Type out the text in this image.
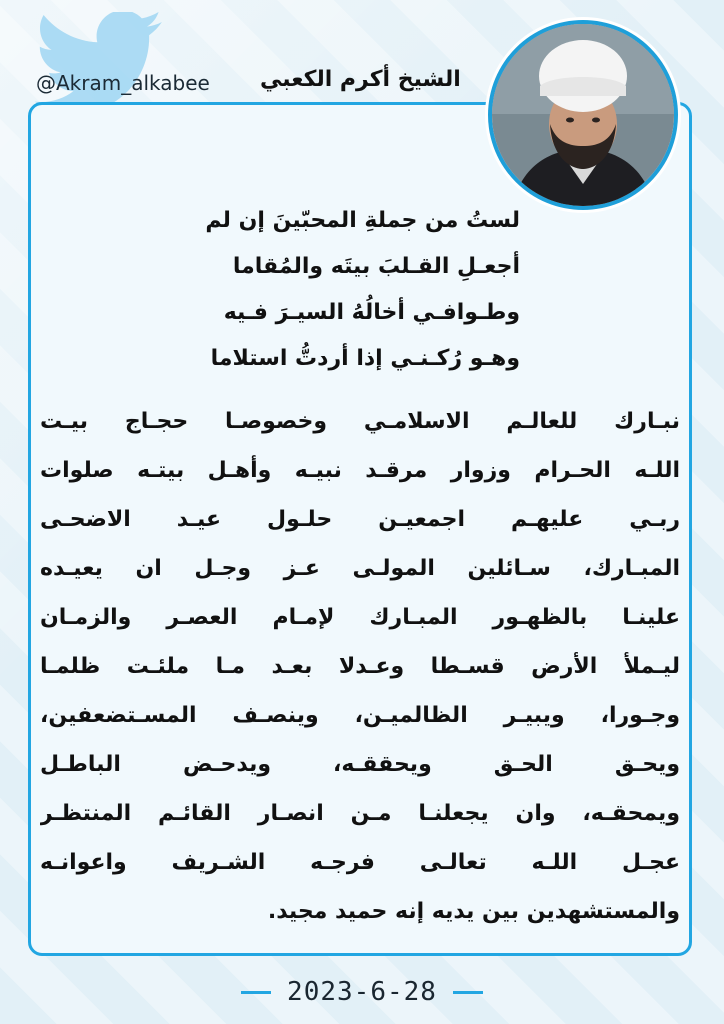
@Akram_alkabee	الشيخ أكرم الكعبي
لستُ من جملةِ المحبّينَ إن لم
أجعـلِ القـلبَ بيتَه والمُقاما
وطـوافـي أخالُهُ السيـرَ فـيه
وهـو رُكـنـي إذا أردتُّ استلاما
نبـارك للعالـم الاسلامـي وخصوصـا حجـاج بيـت
اللـه الحـرام وزوار مرقـد نبيـه وأهـل بيتـه صلوات
ربـي عليهـم اجمعيـن حلـول عيـد الاضحـى
المبـارك، سـائلين المولـى عـز وجـل ان يعيـده
علينـا بالظهـور المبـارك لإمـام العصـر والزمـان
ليـملأ الأرض قسـطا وعـدلا بعـد مـا ملئـت ظلمـا
وجـورا، ويبيـر الظالميـن، وينصـف المسـتضعفين،
ويحـق الحـق ويحققـه، ويدحـض الباطـل
ويمحقـه، وان يجعلنـا مـن انصـار القائـم المنتظـر
عجـل اللـه تعالـى فرجـه الشـريف واعوانـه
والمستشهدين بين يديه إنه حميد مجيد.
2023-6-28
